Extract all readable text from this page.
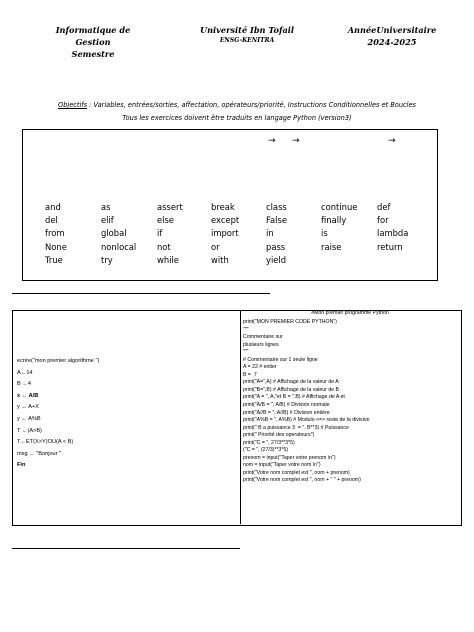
Informatique de Gestion
Semestre
Université Ibn Tofail

ENSG-KENITRA
AnnéeUniversitaire
2024-2025
Objectifs : Variables, entrées/sorties, affectation, opérateurs/priorité, Instructions Conditionnelles et Boucles
Tous les exercices doivent être traduits en langage Python (version3)
→ →	→
and
del
from
None
True
as
elif
global
nonlocal
try
assert
else
if
not
while
break
except
import
or
with
class
False
in
pass
yield
continue
finally
is
raise
def
for
lambda
return
ecrire("mon premier algorithme ")
A←14
B ←4
x ← A/B
y ← A+X
y ← A%B
T ←(A>B)
T←ET(X>Y)OU(A < B)
msg ← "Bonjour "
Fin
#Mon premier programme Python
print("MON PREMIER CODE PYTHON")
"""
Commentaire sur
plusieurs lignes
"""
# Commentaire sur 1 seule ligne
A = 22 # entier
B =  7
print("A=",A) # Affichage de la valeur de A
print("B=",B) # Affichage de la valeur de B
print("A = ", A,"et B = ",B) # Affichage de A et
print("A/B = ", A/B) # Division normale
print("A//B = ", A//B) # Division entière
print("A%B = ", A%B) # Modulo <=> reste de la division
print(" B a puissance 3  = ", B**3) # Puissance
print(" Priorité des operateurs")
print("C = ", 27/3**3*5)
("C = ", (27/3)**3*5)
prenom = input("Taper votre prenom \n")
nom = input("Taper votre nom \n")
print("Votre nom complet est ", nom + prenom)
print("Votre nom complet est ", nom + " " + prenom)
